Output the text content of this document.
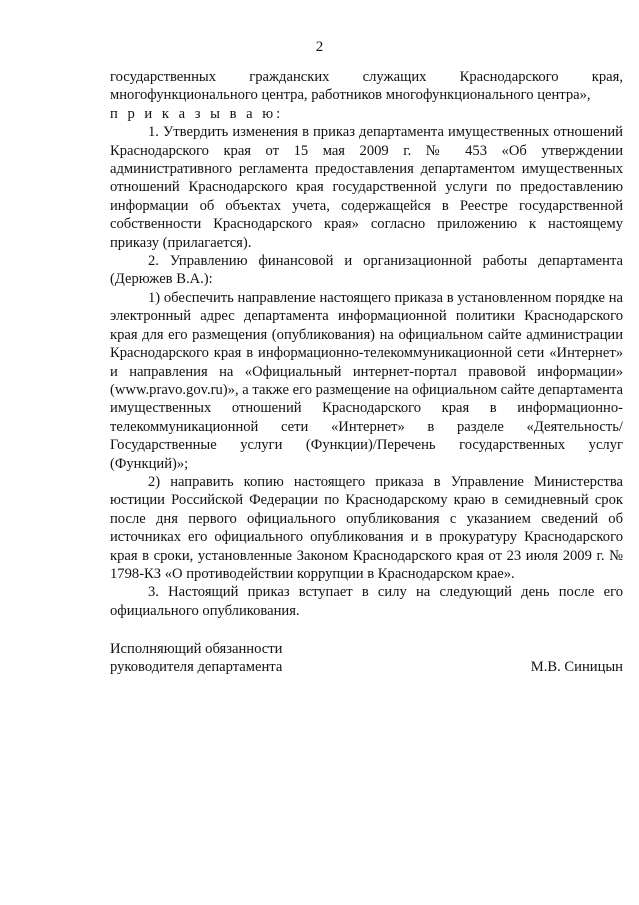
2

государственных гражданских служащих Краснодарского края, многофункционального центра, работников многофункционального центра»,

п р и к а з ы в а ю:

1. Утвердить изменения в приказ департамента имущественных отношений Краснодарского края от 15 мая 2009 г. № 453 «Об утверждении административного регламента предоставления департаментом имущественных отношений Краснодарского края государственной услуги по предоставлению информации об объектах учета, содержащейся в Реестре государственной собственности Краснодарского края» согласно приложению к настоящему приказу (прилагается).

2. Управлению финансовой и организационной работы департамента (Дерюжев В.А.):

1) обеспечить направление настоящего приказа в установленном порядке на электронный адрес департамента информационной политики Краснодарского края для его размещения (опубликования) на официальном сайте администрации Краснодарского края в информационно-телекоммуникационной сети «Интернет» и направления на «Официальный интернет-портал правовой информации» (www.pravo.gov.ru)», а также его размещение на официальном сайте департамента имущественных отношений Краснодарского края в информационно-телекоммуникационной сети «Интернет» в разделе «Деятельность/Государственные услуги (Функции)/Перечень государственных услуг (Функций)»;

2) направить копию настоящего приказа в Управление Министерства юстиции Российской Федерации по Краснодарскому краю в семидневный срок после дня первого официального опубликования с указанием сведений об источниках его официального опубликования и в прокуратуру Краснодарского края в сроки, установленные Законом Краснодарского края от 23 июля 2009 г. № 1798-КЗ «О противодействии коррупции в Краснодарском крае».

3. Настоящий приказ вступает в силу на следующий день после его официального опубликования.

Исполняющий обязанности
руководителя департамента	М.В. Синицын
